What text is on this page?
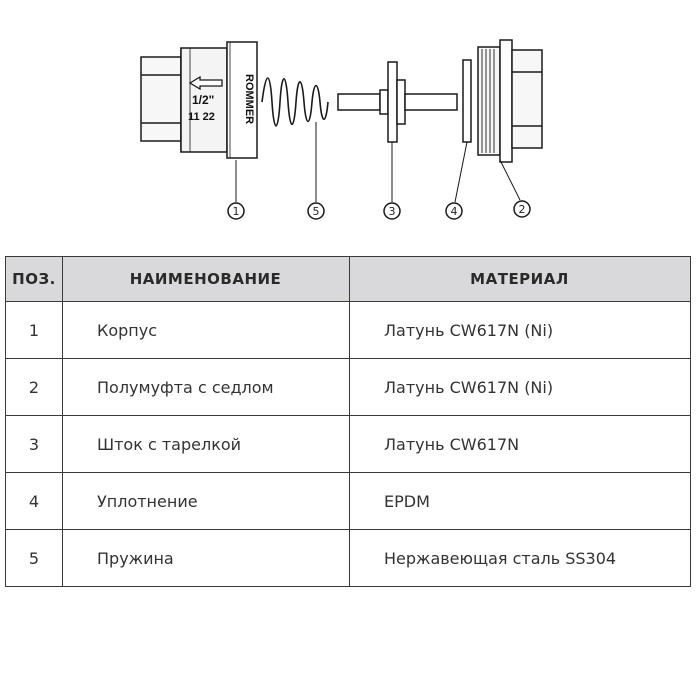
1/2"
11 22	ROMMER
1	5	3	4	2
ПОЗ.	НАИМЕНОВАНИЕ	МАТЕРИАЛ
1	Корпус	Латунь CW617N (Ni)
2	Полумуфта с седлом	Латунь CW617N (Ni)
3	Шток с тарелкой	Латунь CW617N
4	Уплотнение	EPDM
5	Пружина	Нержавеющая сталь SS304
